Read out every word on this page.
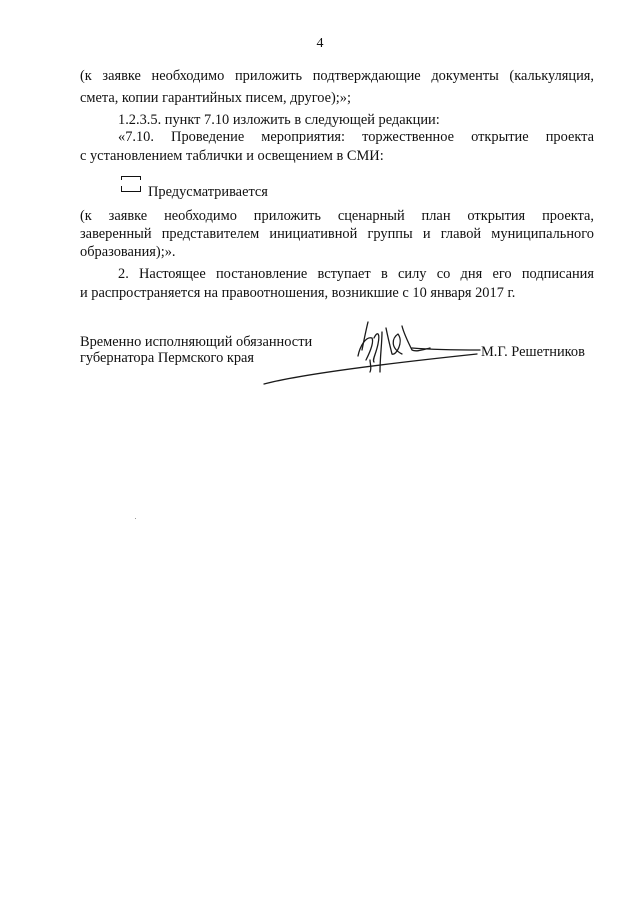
4

(к заявке необходимо приложить подтверждающие документы (калькуляция,

смета, копии гарантийных писем, другое);»;

1.2.3.5. пункт 7.10 изложить в следующей редакции:

«7.10. Проведение мероприятия: торжественное открытие проекта

с установлением таблички и освещением в СМИ:

Предусматривается

(к заявке необходимо приложить сценарный план открытия проекта,

заверенный представителем инициативной группы и главой муниципального

образования);».

2. Настоящее постановление вступает в силу со дня его подписания

и распространяется на правоотношения, возникшие с 10 января 2017 г.

Временно исполняющий обязанности
губернатора Пермского края	М.Г. Решетников
